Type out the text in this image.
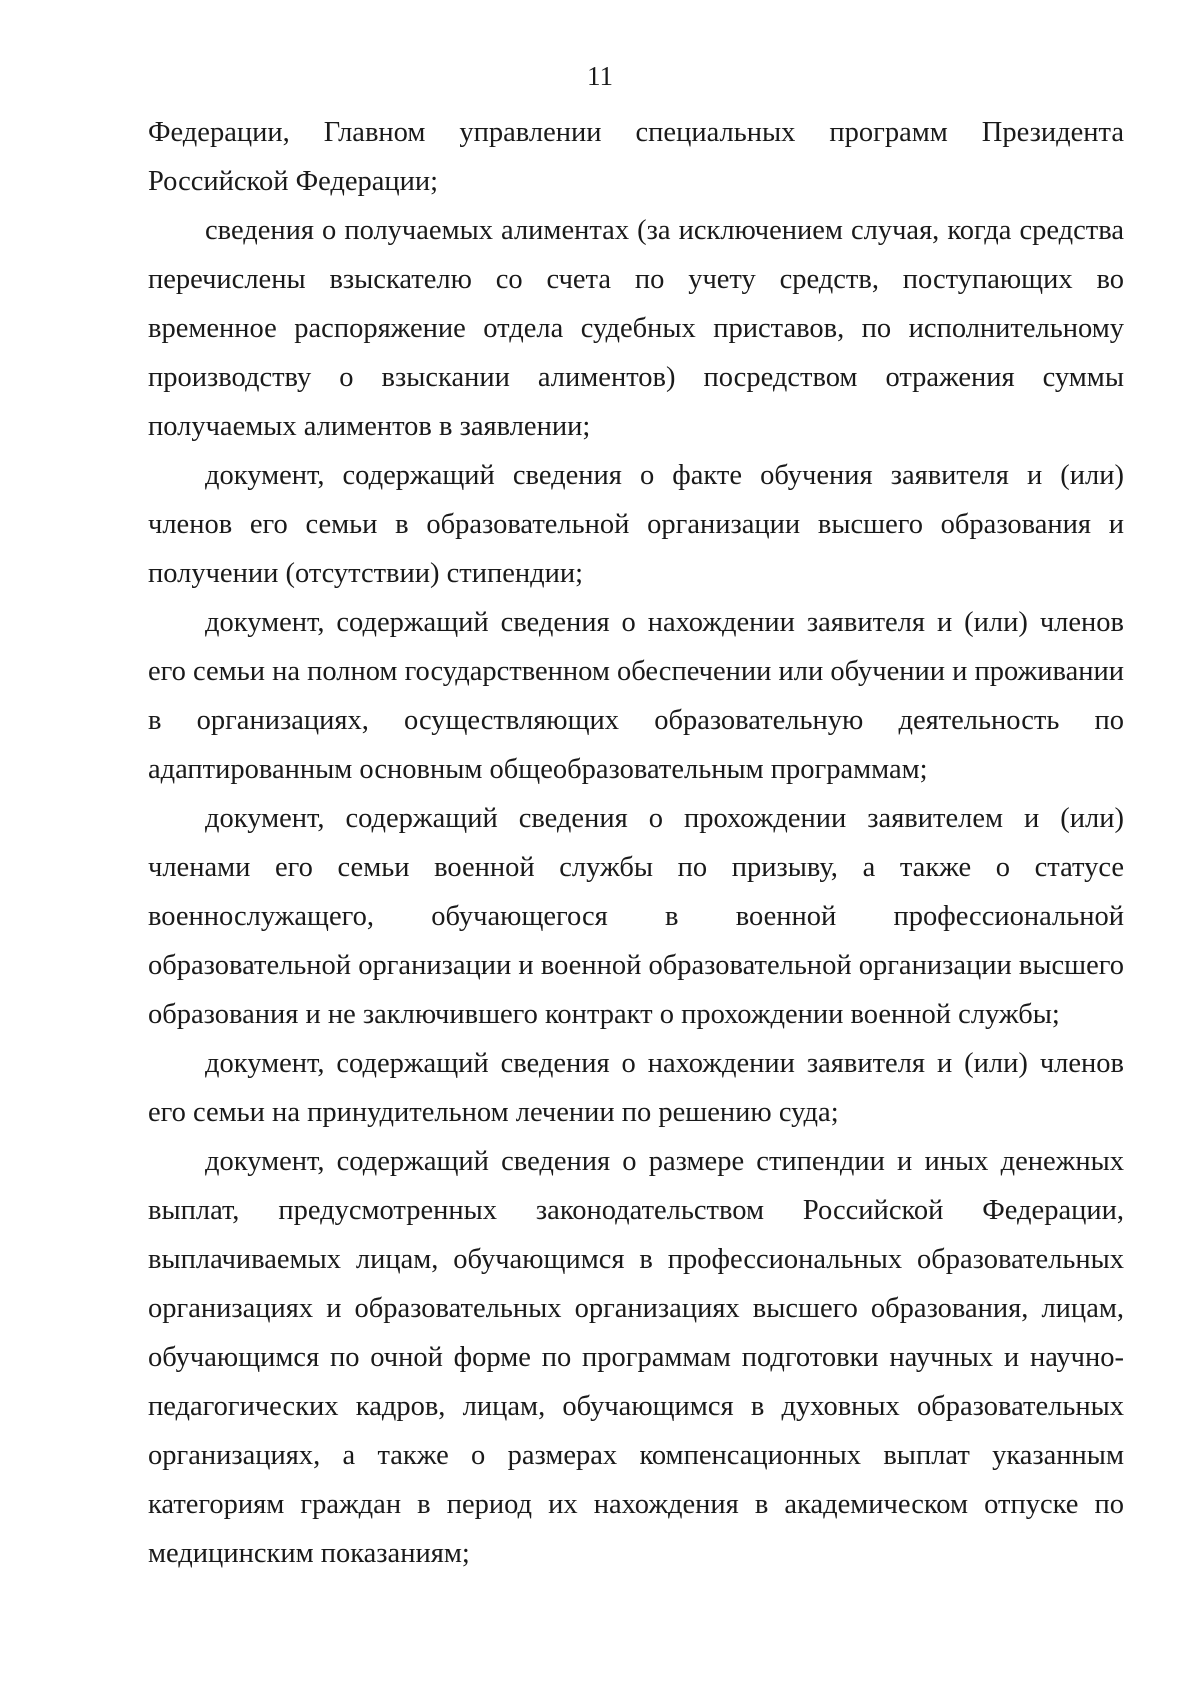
11

Федерации, Главном управлении специальных программ Президента Российской Федерации;

сведения о получаемых алиментах (за исключением случая, когда средства перечислены взыскателю со счета по учету средств, поступающих во временное распоряжение отдела судебных приставов, по исполнительному производству о взыскании алиментов) посредством отражения суммы получаемых алиментов в заявлении;

документ, содержащий сведения о факте обучения заявителя и (или) членов его семьи в образовательной организации высшего образования и получении (отсутствии) стипендии;

документ, содержащий сведения о нахождении заявителя и (или) членов его семьи на полном государственном обеспечении или обучении и проживании в организациях, осуществляющих образовательную деятельность по адаптированным основным общеобразовательным программам;

документ, содержащий сведения о прохождении заявителем и (или) членами его семьи военной службы по призыву, а также о статусе военнослужащего, обучающегося в военной профессиональной образовательной организации и военной образовательной организации высшего образования и не заключившего контракт о прохождении военной службы;

документ, содержащий сведения о нахождении заявителя и (или) членов его семьи на принудительном лечении по решению суда;

документ, содержащий сведения о размере стипендии и иных денежных выплат, предусмотренных законодательством Российской Федерации, выплачиваемых лицам, обучающимся в профессиональных образовательных организациях и образовательных организациях высшего образования, лицам, обучающимся по очной форме по программам подготовки научных и научно-педагогических кадров, лицам, обучающимся в духовных образовательных организациях, а также о размерах компенсационных выплат указанным категориям граждан в период их нахождения в академическом отпуске по медицинским показаниям;
